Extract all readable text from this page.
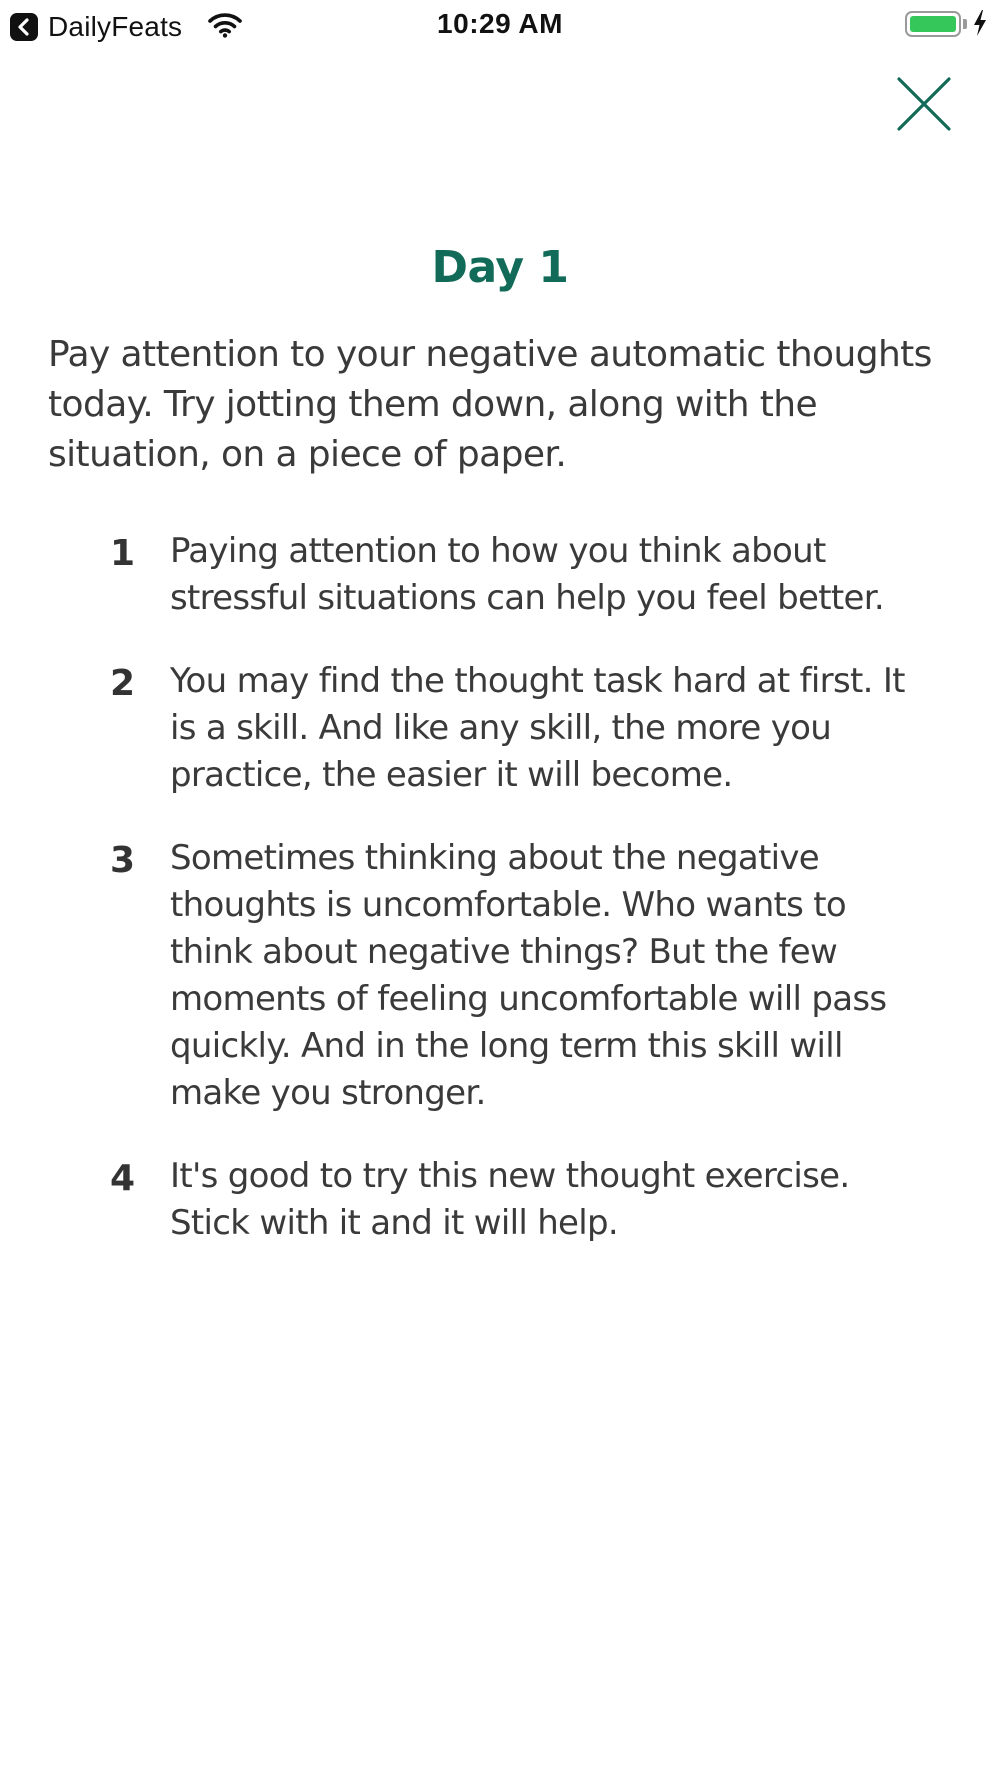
DailyFeats	10:29 AM
Day 1
Pay attention to your negative automatic thoughts today. Try jotting them down, along with the situation, on a piece of paper.
1 Paying attention to how you think about stressful situations can help you feel better.
2 You may find the thought task hard at first. It is a skill. And like any skill, the more you practice, the easier it will become.
3 Sometimes thinking about the negative thoughts is uncomfortable. Who wants to think about negative things? But the few moments of feeling uncomfortable will pass quickly. And in the long term this skill will make you stronger.
4 It's good to try this new thought exercise. Stick with it and it will help.
